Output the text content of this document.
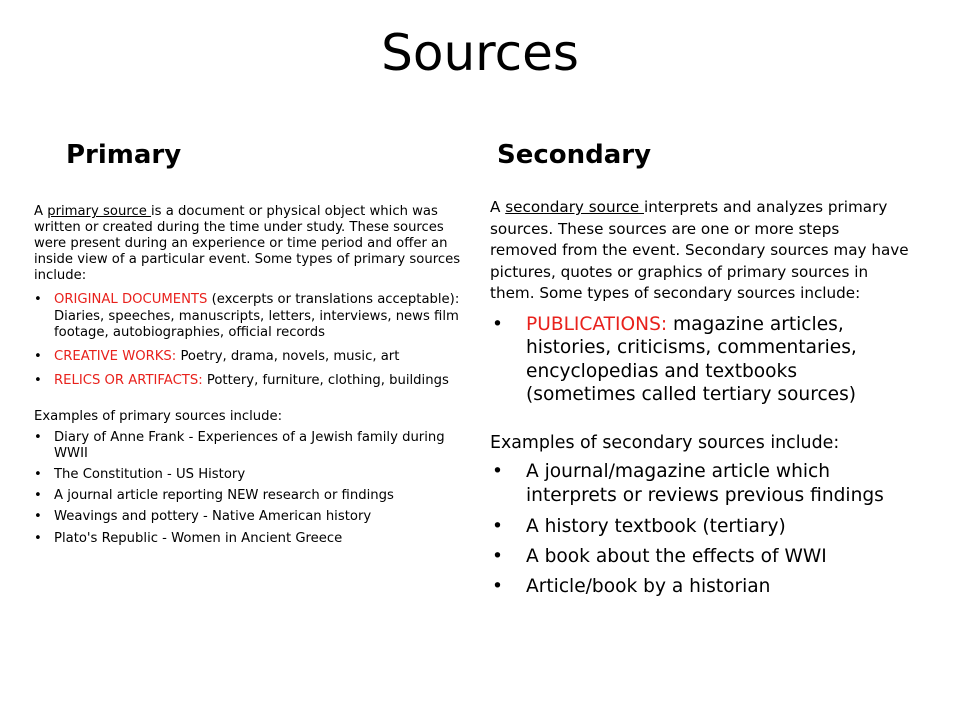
Sources
Primary	Secondary

A primary source is a document or physical object which was written or created during the time under study. These sources were present during an experience or time period and offer an inside view of a particular event. Some types of primary sources include:

• ORIGINAL DOCUMENTS (excerpts or translations acceptable): Diaries, speeches, manuscripts, letters, interviews, news film footage, autobiographies, official records
• CREATIVE WORKS: Poetry, drama, novels, music, art
• RELICS OR ARTIFACTS: Pottery, furniture, clothing, buildings

Examples of primary sources include:

• Diary of Anne Frank - Experiences of a Jewish family during WWII
• The Constitution - US History
• A journal article reporting NEW research or findings
• Weavings and pottery - Native American history
• Plato's Republic - Women in Ancient Greece

A secondary source interprets and analyzes primary sources. These sources are one or more steps removed from the event. Secondary sources may have pictures, quotes or graphics of primary sources in them. Some types of secondary sources include:

• PUBLICATIONS: magazine articles, histories, criticisms, commentaries, encyclopedias and textbooks (sometimes called tertiary sources)

Examples of secondary sources include:

• A journal/magazine article which interprets or reviews previous findings
• A history textbook (tertiary)
• A book about the effects of WWI
• Article/book by a historian
